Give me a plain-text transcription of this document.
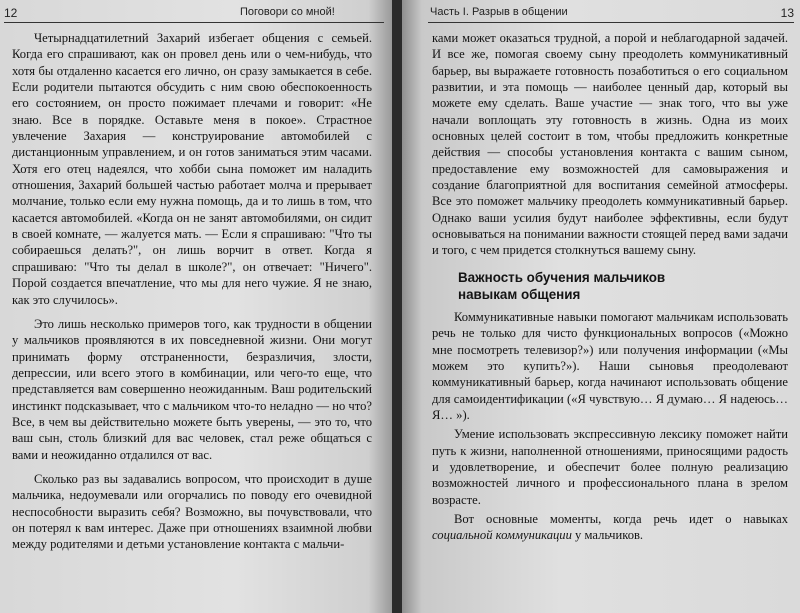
12	Поговори со мной!

Четырнадцатилетний Захарий избегает общения с семьей. Когда его спрашивают, как он провел день или о чем-нибудь, что хотя бы отдаленно касается его лично, он сразу замыкается в себе. Если родители пытаются обсудить с ним свою обеспокоенность его состоянием, он просто пожимает плечами и говорит: «Не знаю. Все в порядке. Оставьте меня в покое». Страстное увлечение Захария — конструирование автомобилей с дистанционным управлением, и он готов заниматься этим часами. Хотя его отец надеялся, что хобби сына поможет им наладить отношения, Захарий большей частью работает молча и прерывает молчание, только если ему нужна помощь, да и то лишь в том, что касается автомобилей. «Когда он не занят автомобилями, он сидит в своей комнате, — жалуется мать. — Если я спрашиваю: "Что ты собираешься делать?", он лишь ворчит в ответ. Когда я спрашиваю: "Что ты делал в школе?", он отвечает: "Ничего". Порой создается впечатление, что мы для него чужие. Я не знаю, как это случилось».

Это лишь несколько примеров того, как трудности в общении у мальчиков проявляются в их повседневной жизни. Они могут принимать форму отстраненности, безразличия, злости, депрессии, или всего этого в комбинации, или чего-то еще, что представляется вам совершенно неожиданным. Ваш родительский инстинкт подсказывает, что с мальчиком что-то неладно — но что? Все, в чем вы действительно можете быть уверены, — это то, что ваш сын, столь близкий для вас человек, стал реже общаться с вами и неожиданно отдалился от вас.

Сколько раз вы задавались вопросом, что происходит в душе мальчика, недоумевали или огорчались по поводу его очевидной неспособности выразить себя? Возможно, вы почувствовали, что он потерял к вам интерес. Даже при отношениях взаимной любви между родителями и детьми установление контакта с мальчи-

Часть I. Разрыв в общении	13

ками может оказаться трудной, а порой и неблагодарной задачей. И все же, помогая своему сыну преодолеть коммуникативный барьер, вы выражаете готовность позаботиться о его социальном развитии, и эта помощь — наиболее ценный дар, который вы можете ему сделать. Ваше участие — знак того, что вы уже начали воплощать эту готовность в жизнь. Одна из моих основных целей состоит в том, чтобы предложить конкретные действия — способы установления контакта с вашим сыном, предоставление ему возможностей для самовыражения и создание благоприятной для воспитания семейной атмосферы. Все это поможет мальчику преодолеть коммуникативный барьер. Однако ваши усилия будут наиболее эффективны, если будут основываться на понимании важности стоящей перед вами задачи и того, с чем придется столкнуться вашему сыну.

Важность обучения мальчиков
навыкам общения

Коммуникативные навыки помогают мальчикам использовать речь не только для чисто функциональных вопросов («Можно мне посмотреть телевизор?») или получения информации («Мы можем это купить?»). Наши сыновья преодолевают коммуникативный барьер, когда начинают использовать общение для самоидентификации («Я чувствую… Я думаю… Я надеюсь… Я… »).

Умение использовать экспрессивную лексику поможет найти путь к жизни, наполненной отношениями, приносящими радость и удовлетворение, и обеспечит более полную реализацию возможностей личного и профессионального плана в зрелом возрасте.

Вот основные моменты, когда речь идет о навыках социальной коммуникации у мальчиков.
